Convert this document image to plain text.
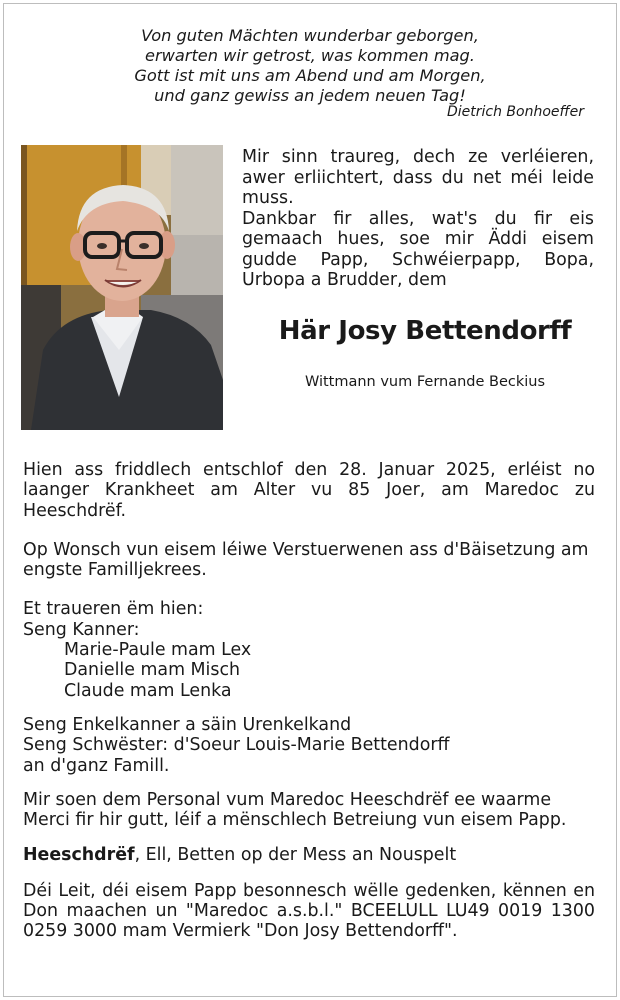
Von guten Mächten wunderbar geborgen,
erwarten wir getrost, was kommen mag.
Gott ist mit uns am Abend und am Morgen,
und ganz gewiss an jedem neuen Tag!
Dietrich Bonhoeffer

Mir sinn traureg, dech ze verléieren, awer erliichtert, dass du net méi leide muss.

Dankbar fir alles, wat's du fir eis gemaach hues, soe mir Äddi eisem gudde Papp, Schwéierpapp, Bopa, Urbopa a Brudder, dem

Här Josy Bettendorff
Wittmann vum Fernande Beckius

Hien ass friddlech entschlof den 28. Januar 2025, erléist no laanger Krankheet am Alter vu 85 Joer, am Maredoc zu Heeschdrëf.

Op Wonsch vun eisem léiwe Verstuerwenen ass d'Bäisetzung am engste Familljekrees.

Et traueren ëm hien:

Seng Kanner:

Marie-Paule mam Lex

Danielle mam Misch

Claude mam Lenka

Seng Enkelkanner a säin Urenkelkand

Seng Schwëster: d'Soeur Louis-Marie Bettendorff

an d'ganz Famill.

Mir soen dem Personal vum Maredoc Heeschdrëf ee waarme

Merci fir hir gutt, léif a mënschlech Betreiung vun eisem Papp.

Heeschdrëf, Ell, Betten op der Mess an Nouspelt

Déi Leit, déi eisem Papp besonnesch wëlle gedenken, kënnen en Don maachen un "Maredoc a.s.b.l." BCEELULL LU49 0019 1300 0259 3000 mam Vermierk "Don Josy Bettendorff".
